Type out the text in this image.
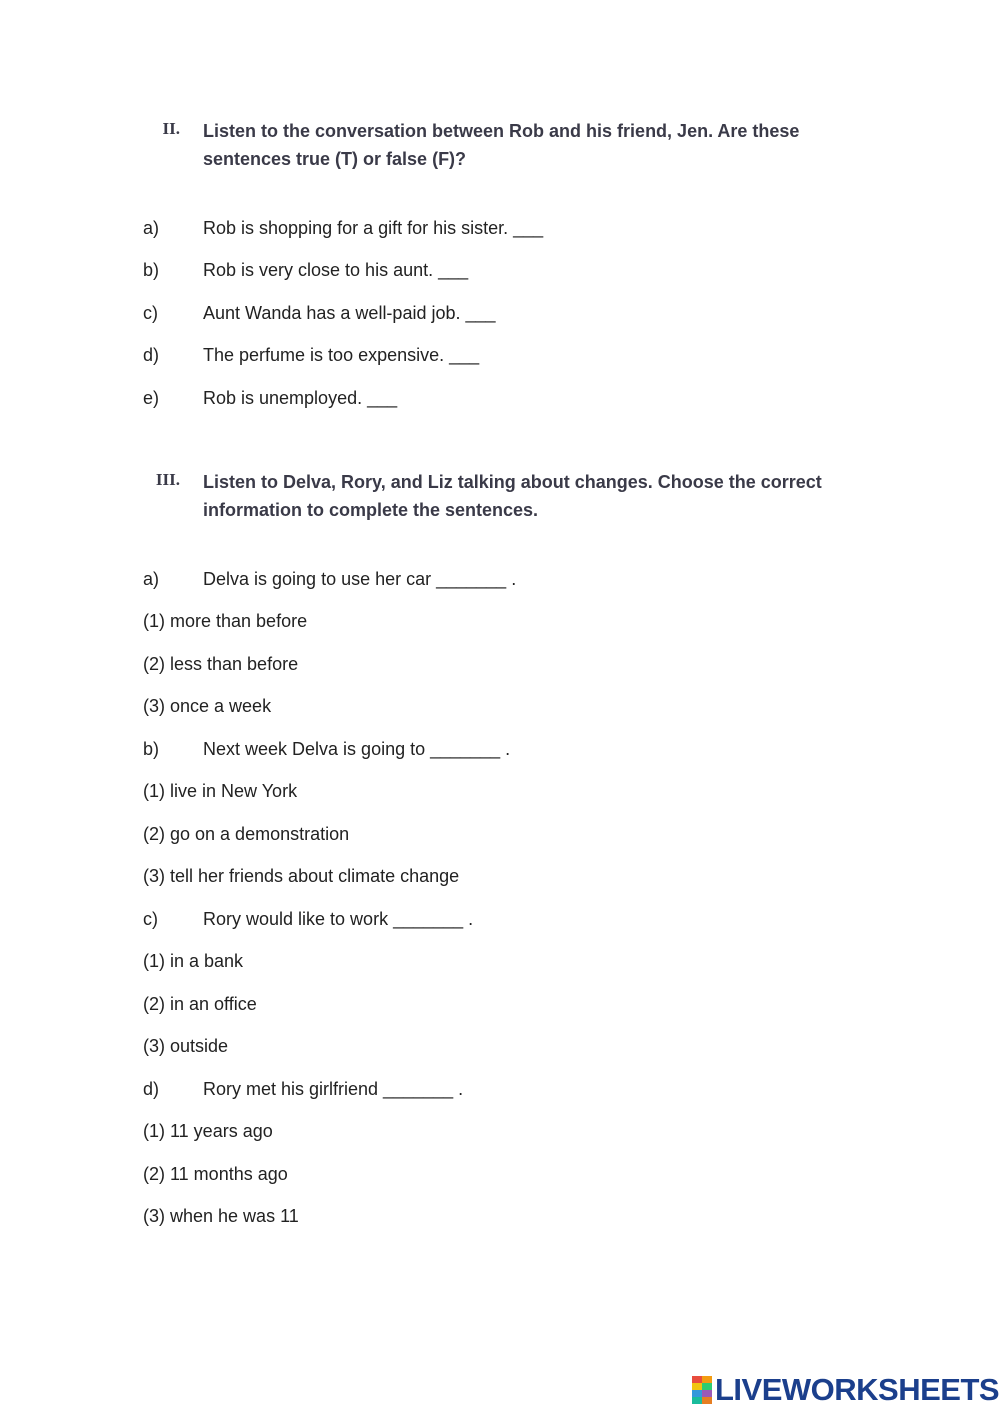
II. Listen to the conversation between Rob and his friend, Jen. Are these sentences true (T) or false (F)?
a) Rob is shopping for a gift for his sister. ___
b) Rob is very close to his aunt. ___
c)	Aunt Wanda has a well-paid job. ___
d) The perfume is too expensive. ___
e) Rob is unemployed. ___
III. Listen to Delva, Rory, and Liz talking about changes. Choose the correct information to complete the sentences.
a) Delva is going to use her car _______ .
(1) more than before
(2) less than before
(3) once a week
b) Next week Delva is going to _______ .
(1) live in New York
(2) go on a demonstration
(3) tell her friends about climate change
c)	Rory would like to work _______ .
(1) in a bank
(2) in an office
(3) outside
d) Rory met his girlfriend _______ .
(1) 11 years ago
(2) 11 months ago
(3) when he was 11
LIVEWORKSHEETS
